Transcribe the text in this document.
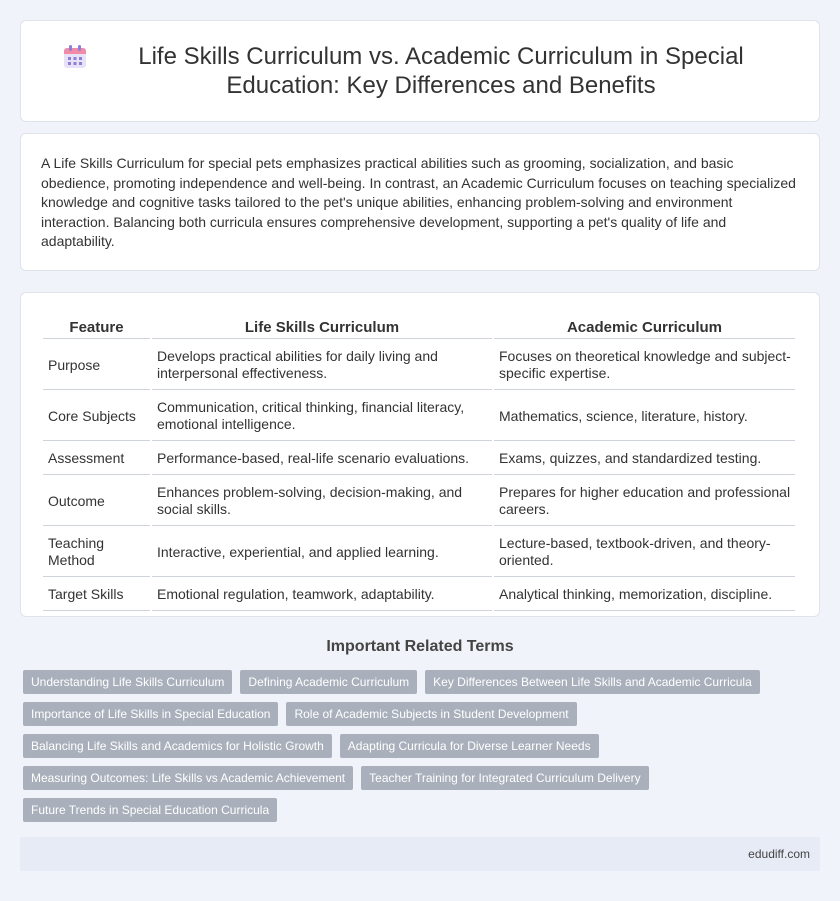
Life Skills Curriculum vs. Academic Curriculum in Special Education: Key Differences and Benefits

A Life Skills Curriculum for special pets emphasizes practical abilities such as grooming, socialization, and basic obedience, promoting independence and well-being. In contrast, an Academic Curriculum focuses on teaching specialized knowledge and cognitive tasks tailored to the pet's unique abilities, enhancing problem-solving and environment interaction. Balancing both curricula ensures comprehensive development, supporting a pet's quality of life and adaptability.

Feature	Life Skills Curriculum	Academic Curriculum
Purpose	Develops practical abilities for daily living and interpersonal effectiveness.	Focuses on theoretical knowledge and subject-specific expertise.
Core Subjects	Communication, critical thinking, financial literacy, emotional intelligence.	Mathematics, science, literature, history.
Assessment	Performance-based, real-life scenario evaluations.	Exams, quizzes, and standardized testing.
Outcome	Enhances problem-solving, decision-making, and social skills.	Prepares for higher education and professional careers.
Teaching Method	Interactive, experiential, and applied learning.	Lecture-based, textbook-driven, and theory-oriented.
Target Skills	Emotional regulation, teamwork, adaptability.	Analytical thinking, memorization, discipline.
Important Related Terms
Understanding Life Skills Curriculum	Defining Academic Curriculum	Key Differences Between Life Skills and Academic Curricula
Importance of Life Skills in Special Education	Role of Academic Subjects in Student Development
Balancing Life Skills and Academics for Holistic Growth	Adapting Curricula for Diverse Learner Needs
Measuring Outcomes: Life Skills vs Academic Achievement	Teacher Training for Integrated Curriculum Delivery
Future Trends in Special Education Curricula
edudiff.com
